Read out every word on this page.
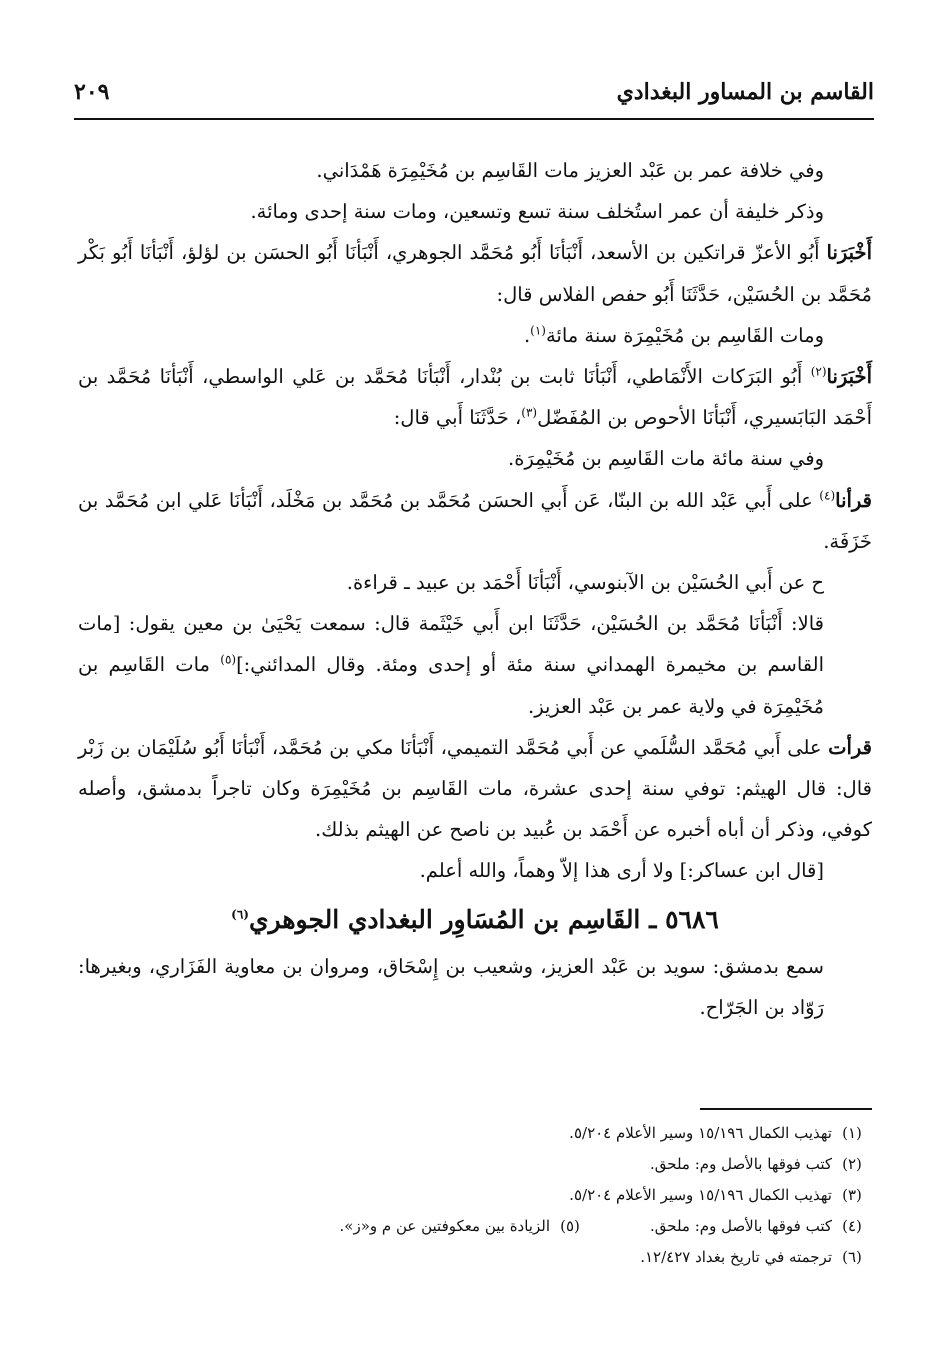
القاسم بن المساور البغدادي
٢٠٩

وفي خلافة عمر بن عَبْد العزيز مات القَاسِم بن مُخَيْمِرَة هَمْدَاني.

وذكر خليفة أن عمر استُخلف سنة تسع وتسعين، ومات سنة إحدى ومائة.

أَخْبَرَنا أَبُو الأعزّ قراتكين بن الأسعد، أَنْبَأنَا أَبُو مُحَمَّد الجوهري، أَنْبَأنَا أَبُو الحسَن بن لؤلؤ، أَنْبَأنَا أَبُو بَكْر مُحَمَّد بن الحُسَيْن، حَدَّثَنَا أَبُو حفص الفلاس قال:

ومات القَاسِم بن مُخَيْمِرَة سنة مائة$^{(١)}$.

أَخْبَرَنا$^{(٢)}$ أَبُو البَرَكات الأَنْمَاطي، أَنْبَأنَا ثابت بن بُنْدار، أَنْبَأنَا مُحَمَّد بن عَلي الواسطي، أَنْبَأنَا مُحَمَّد بن أَحْمَد البَابَسيري، أَنْبَأنَا الأحوص بن المُفَضّل$^{(٣)}$، حَدَّثَنَا أَبي قال:

وفي سنة مائة مات القَاسِم بن مُخَيْمِرَة.

قرأنا$^{(٤)}$ على أَبي عَبْد الله بن البنّا، عَن أَبي الحسَن مُحَمَّد بن مُحَمَّد بن مَخْلَد، أَنْبَأنَا عَلي ابن مُحَمَّد بن خَزَفَة.

ح عن أَبي الحُسَيْن بن الآبنوسي، أَنْبَأنَا أَحْمَد بن عبيد ـ قراءة.

قالا: أَنْبَأنَا مُحَمَّد بن الحُسَيْن، حَدَّثَنَا ابن أَبي خَيْثَمة قال: سمعت يَحْيَىٰ بن معين يقول: [مات القاسم بن مخيمرة الهمداني سنة مئة أو إحدى ومئة. وقال المدائني:]$^{(٥)}$ مات القَاسِم بن مُخَيْمِرَة في ولاية عمر بن عَبْد العزيز.

قرأت على أَبي مُحَمَّد السُّلَمي عن أَبي مُحَمَّد التميمي، أَنْبَأنَا مكي بن مُحَمَّد، أَنْبَأنَا أَبُو سُلَيْمَان بن زَبْر قال: قال الهيثم: توفي سنة إحدى عشرة، مات القَاسِم بن مُخَيْمِرَة وكان تاجراً بدمشق، وأصله كوفي، وذكر أن أباه أخبره عن أَحْمَد بن عُبيد بن ناصح عن الهيثم بذلك.

[قال ابن عساكر:] ولا أرى هذا إلاّ وهماً، والله أعلم.

٥٦٨٦ ـ القَاسِم بن المُسَاوِر البغدادي الجوهري$^{(٦)}$

سمع بدمشق: سويد بن عَبْد العزيز، وشعيب بن إِسْحَاق، ومروان بن معاوية الفَزَاري، وبغيرها: رَوّاد بن الجَرّاح.

(١)
تهذيب الكمال ١٥/١٩٦ وسير الأعلام ٥/٢٠٤.
(٢)
كتب فوقها بالأصل وم: ملحق.
(٣)
تهذيب الكمال ١٥/١٩٦ وسير الأعلام ٥/٢٠٤.
(٤)
كتب فوقها بالأصل وم: ملحق.
(٥)
الزيادة بين معكوفتين عن م و«ز».
(٦)
ترجمته في تاريخ بغداد ١٢/٤٢٧.
